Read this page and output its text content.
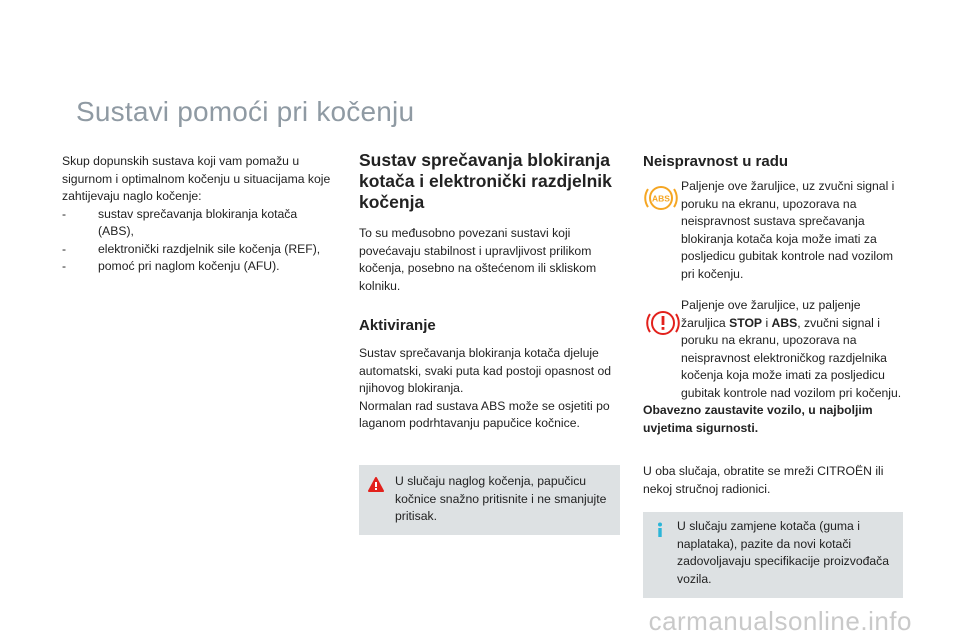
Sustavi pomoći pri kočenju

Skup dopunskih sustava koji vam pomažu u sigurnom i optimalnom kočenju u situacijama koje zahtijevaju naglo kočenje:

-	sustav sprečavanja blokiranja kotača (ABS),
-	elektronički razdjelnik sile kočenja (REF),
-	pomoć pri naglom kočenju (AFU).
Sustav sprečavanja blokiranja kotača i elektronički razdjelnik kočenja

To su međusobno povezani sustavi koji povećavaju stabilnost i upravljivost prilikom kočenja, posebno na oštećenom ili skliskom kolniku.

Aktiviranje

Sustav sprečavanja blokiranja kotača djeluje automatski, svaki puta kad postoji opasnost od njihovog blokiranja.

Normalan rad sustava ABS može se osjetiti po laganom podrhtavanju papučice kočnice.

U slučaju naglog kočenja, papučicu kočnice snažno pritisnite i ne smanjujte pritisak.
Neispravnost u radu
ABS

Paljenje ove žaruljice, uz zvučni signal i poruku na ekranu, upozorava na neispravnost sustava sprečavanja blokiranja kotača koja može imati za posljedicu gubitak kontrole nad vozilom pri kočenju.

Paljenje ove žaruljice, uz paljenje žaruljica STOP i ABS, zvučni signal i poruku na ekranu, upozorava na neispravnost elektroničkog razdjelnika kočenja koja može imati za posljedicu gubitak kontrole nad vozilom pri kočenju.

Obavezno zaustavite vozilo, u najboljim uvjetima sigurnosti.

U oba slučaja, obratite se mreži CITROËN ili nekoj stručnoj radionici.
U slučaju zamjene kotača (guma i naplataka), pazite da novi kotači zadovoljavaju specifikacije proizvođača vozila.
carmanualsonline.info
